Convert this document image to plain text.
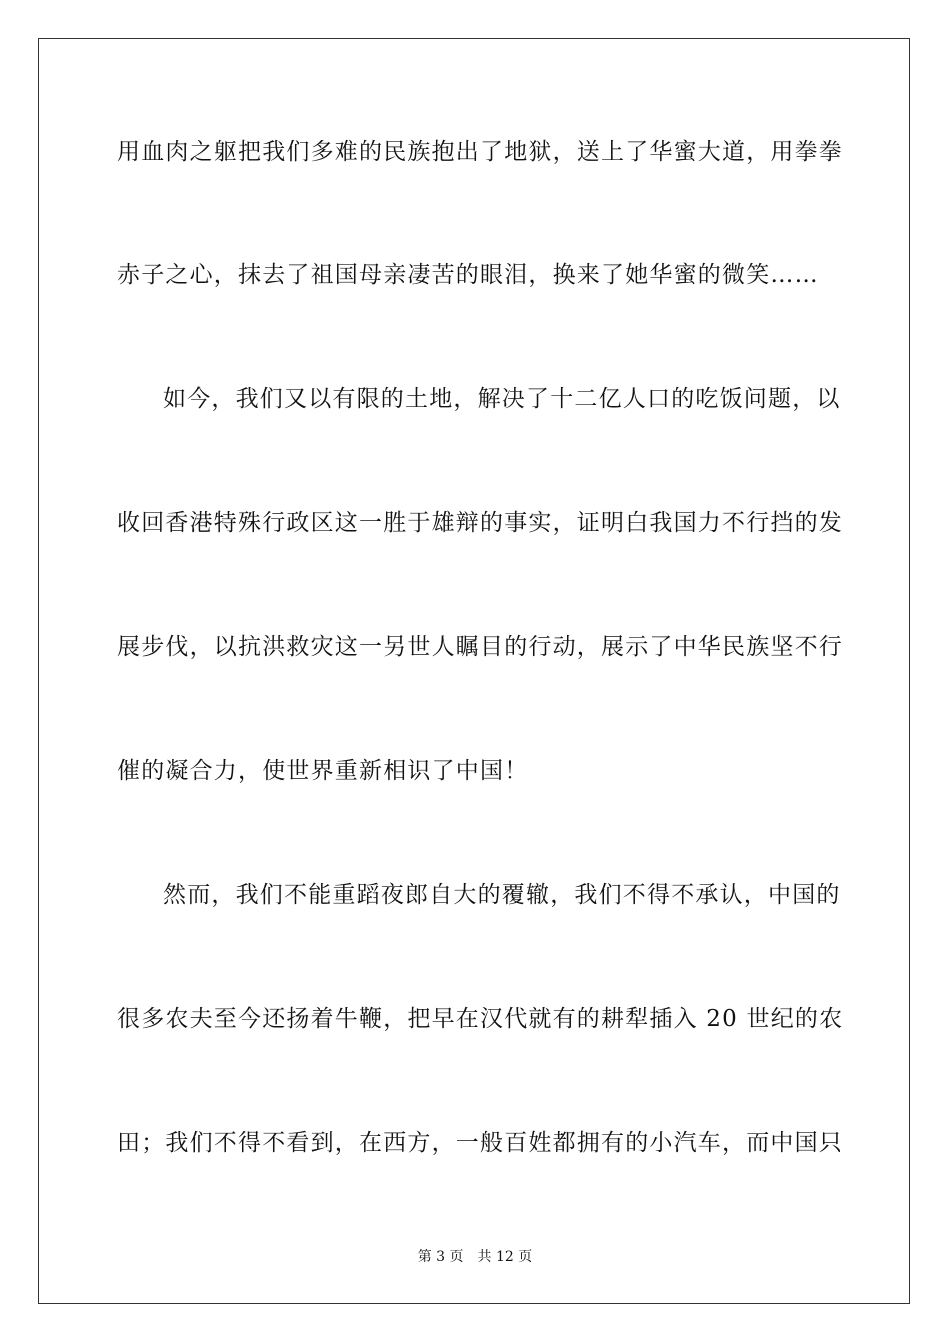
用血肉之躯把我们多难的民族抱出了地狱，送上了华蜜大道，用拳拳
赤子之心，抹去了祖国母亲凄苦的眼泪，换来了她华蜜的微笑……
如今，我们又以有限的土地，解决了十二亿人口的吃饭问题，以
收回香港特殊行政区这一胜于雄辩的事实，证明白我国力不行挡的发
展步伐，以抗洪救灾这一另世人瞩目的行动，展示了中华民族坚不行
催的凝合力，使世界重新相识了中国！
然而，我们不能重蹈夜郎自大的覆辙，我们不得不承认，中国的
很多农夫至今还扬着牛鞭，把早在汉代就有的耕犁插入 20 世纪的农
田；我们不得不看到，在西方，一般百姓都拥有的小汽车，而中国只
第 3 页 共 12 页
